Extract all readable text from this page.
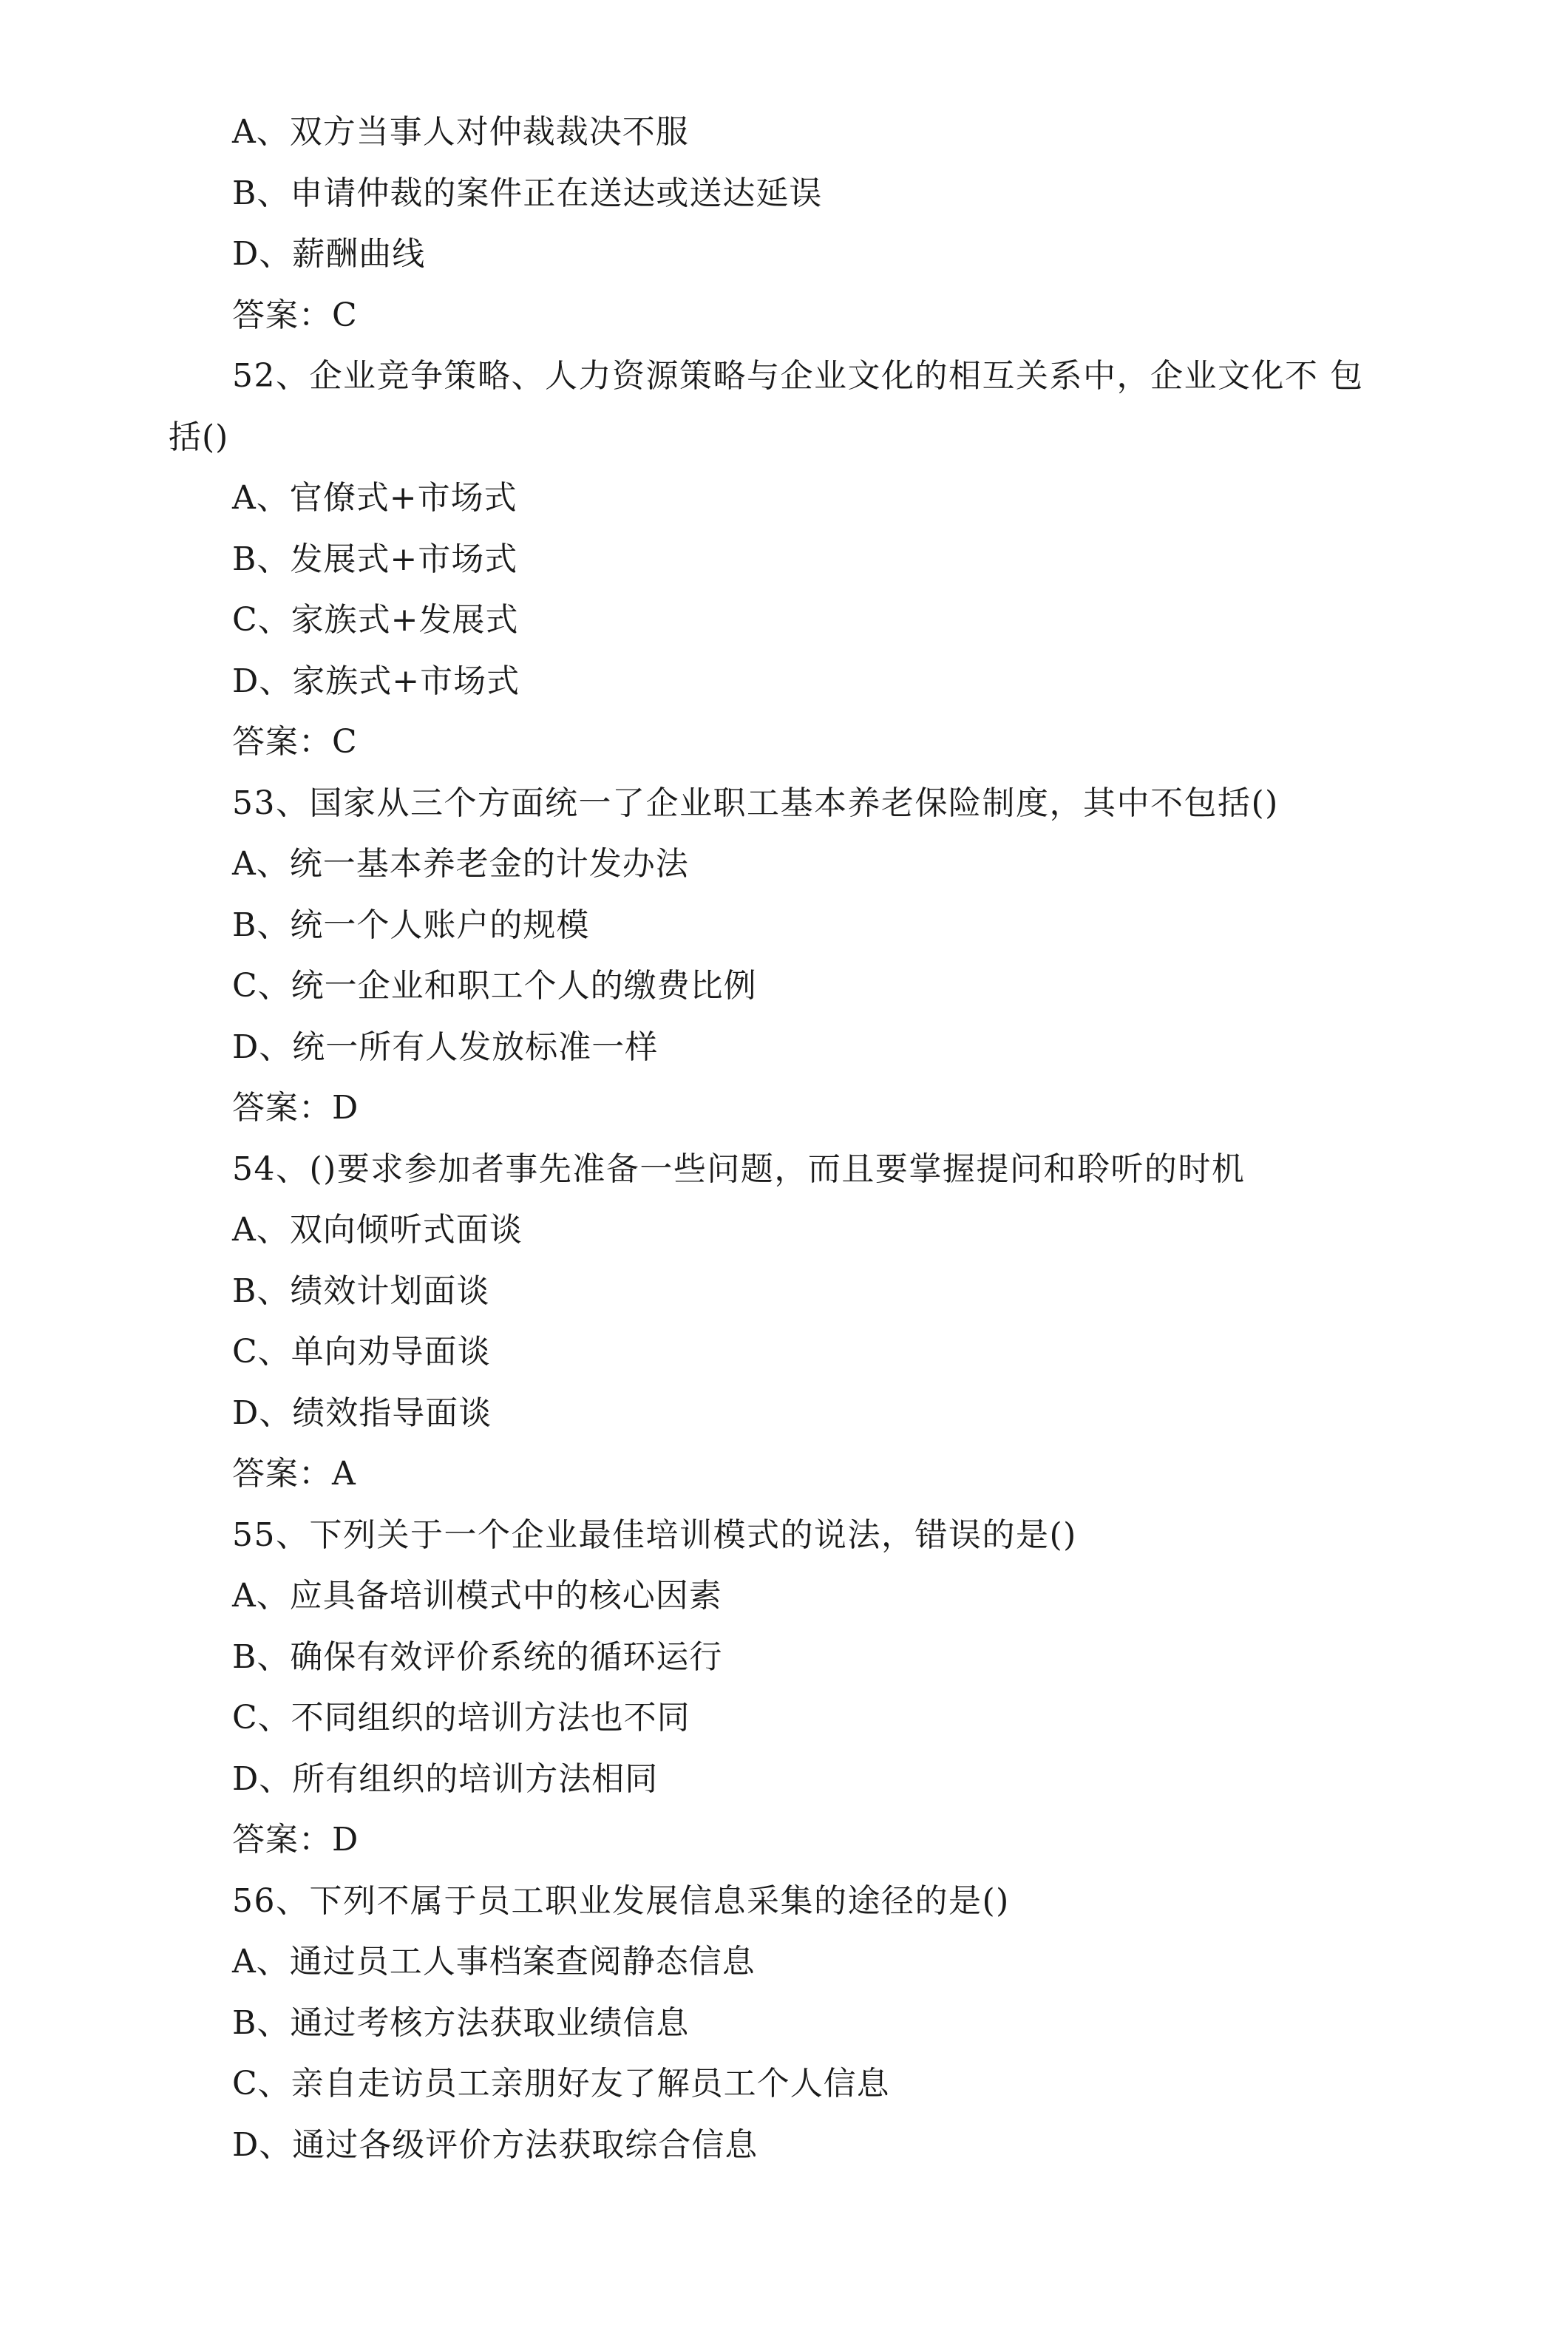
A、双方当事人对仲裁裁决不服
B、申请仲裁的案件正在送达或送达延误
D、薪酬曲线
答案：C
52、企业竞争策略、人力资源策略与企业文化的相互关系中，企业文化不 包
括()
A、官僚式+市场式
B、发展式+市场式
C、家族式+发展式
D、家族式+市场式
答案：C
53、国家从三个方面统一了企业职工基本养老保险制度，其中不包括()
A、统一基本养老金的计发办法
B、统一个人账户的规模
C、统一企业和职工个人的缴费比例
D、统一所有人发放标准一样
答案：D
54、()要求参加者事先准备一些问题，而且要掌握提问和聆听的时机
A、双向倾听式面谈
B、绩效计划面谈
C、单向劝导面谈
D、绩效指导面谈
答案：A
55、下列关于一个企业最佳培训模式的说法，错误的是()
A、应具备培训模式中的核心因素
B、确保有效评价系统的循环运行
C、不同组织的培训方法也不同
D、所有组织的培训方法相同
答案：D
56、下列不属于员工职业发展信息采集的途径的是()
A、通过员工人事档案查阅静态信息
B、通过考核方法获取业绩信息
C、亲自走访员工亲朋好友了解员工个人信息
D、通过各级评价方法获取综合信息
